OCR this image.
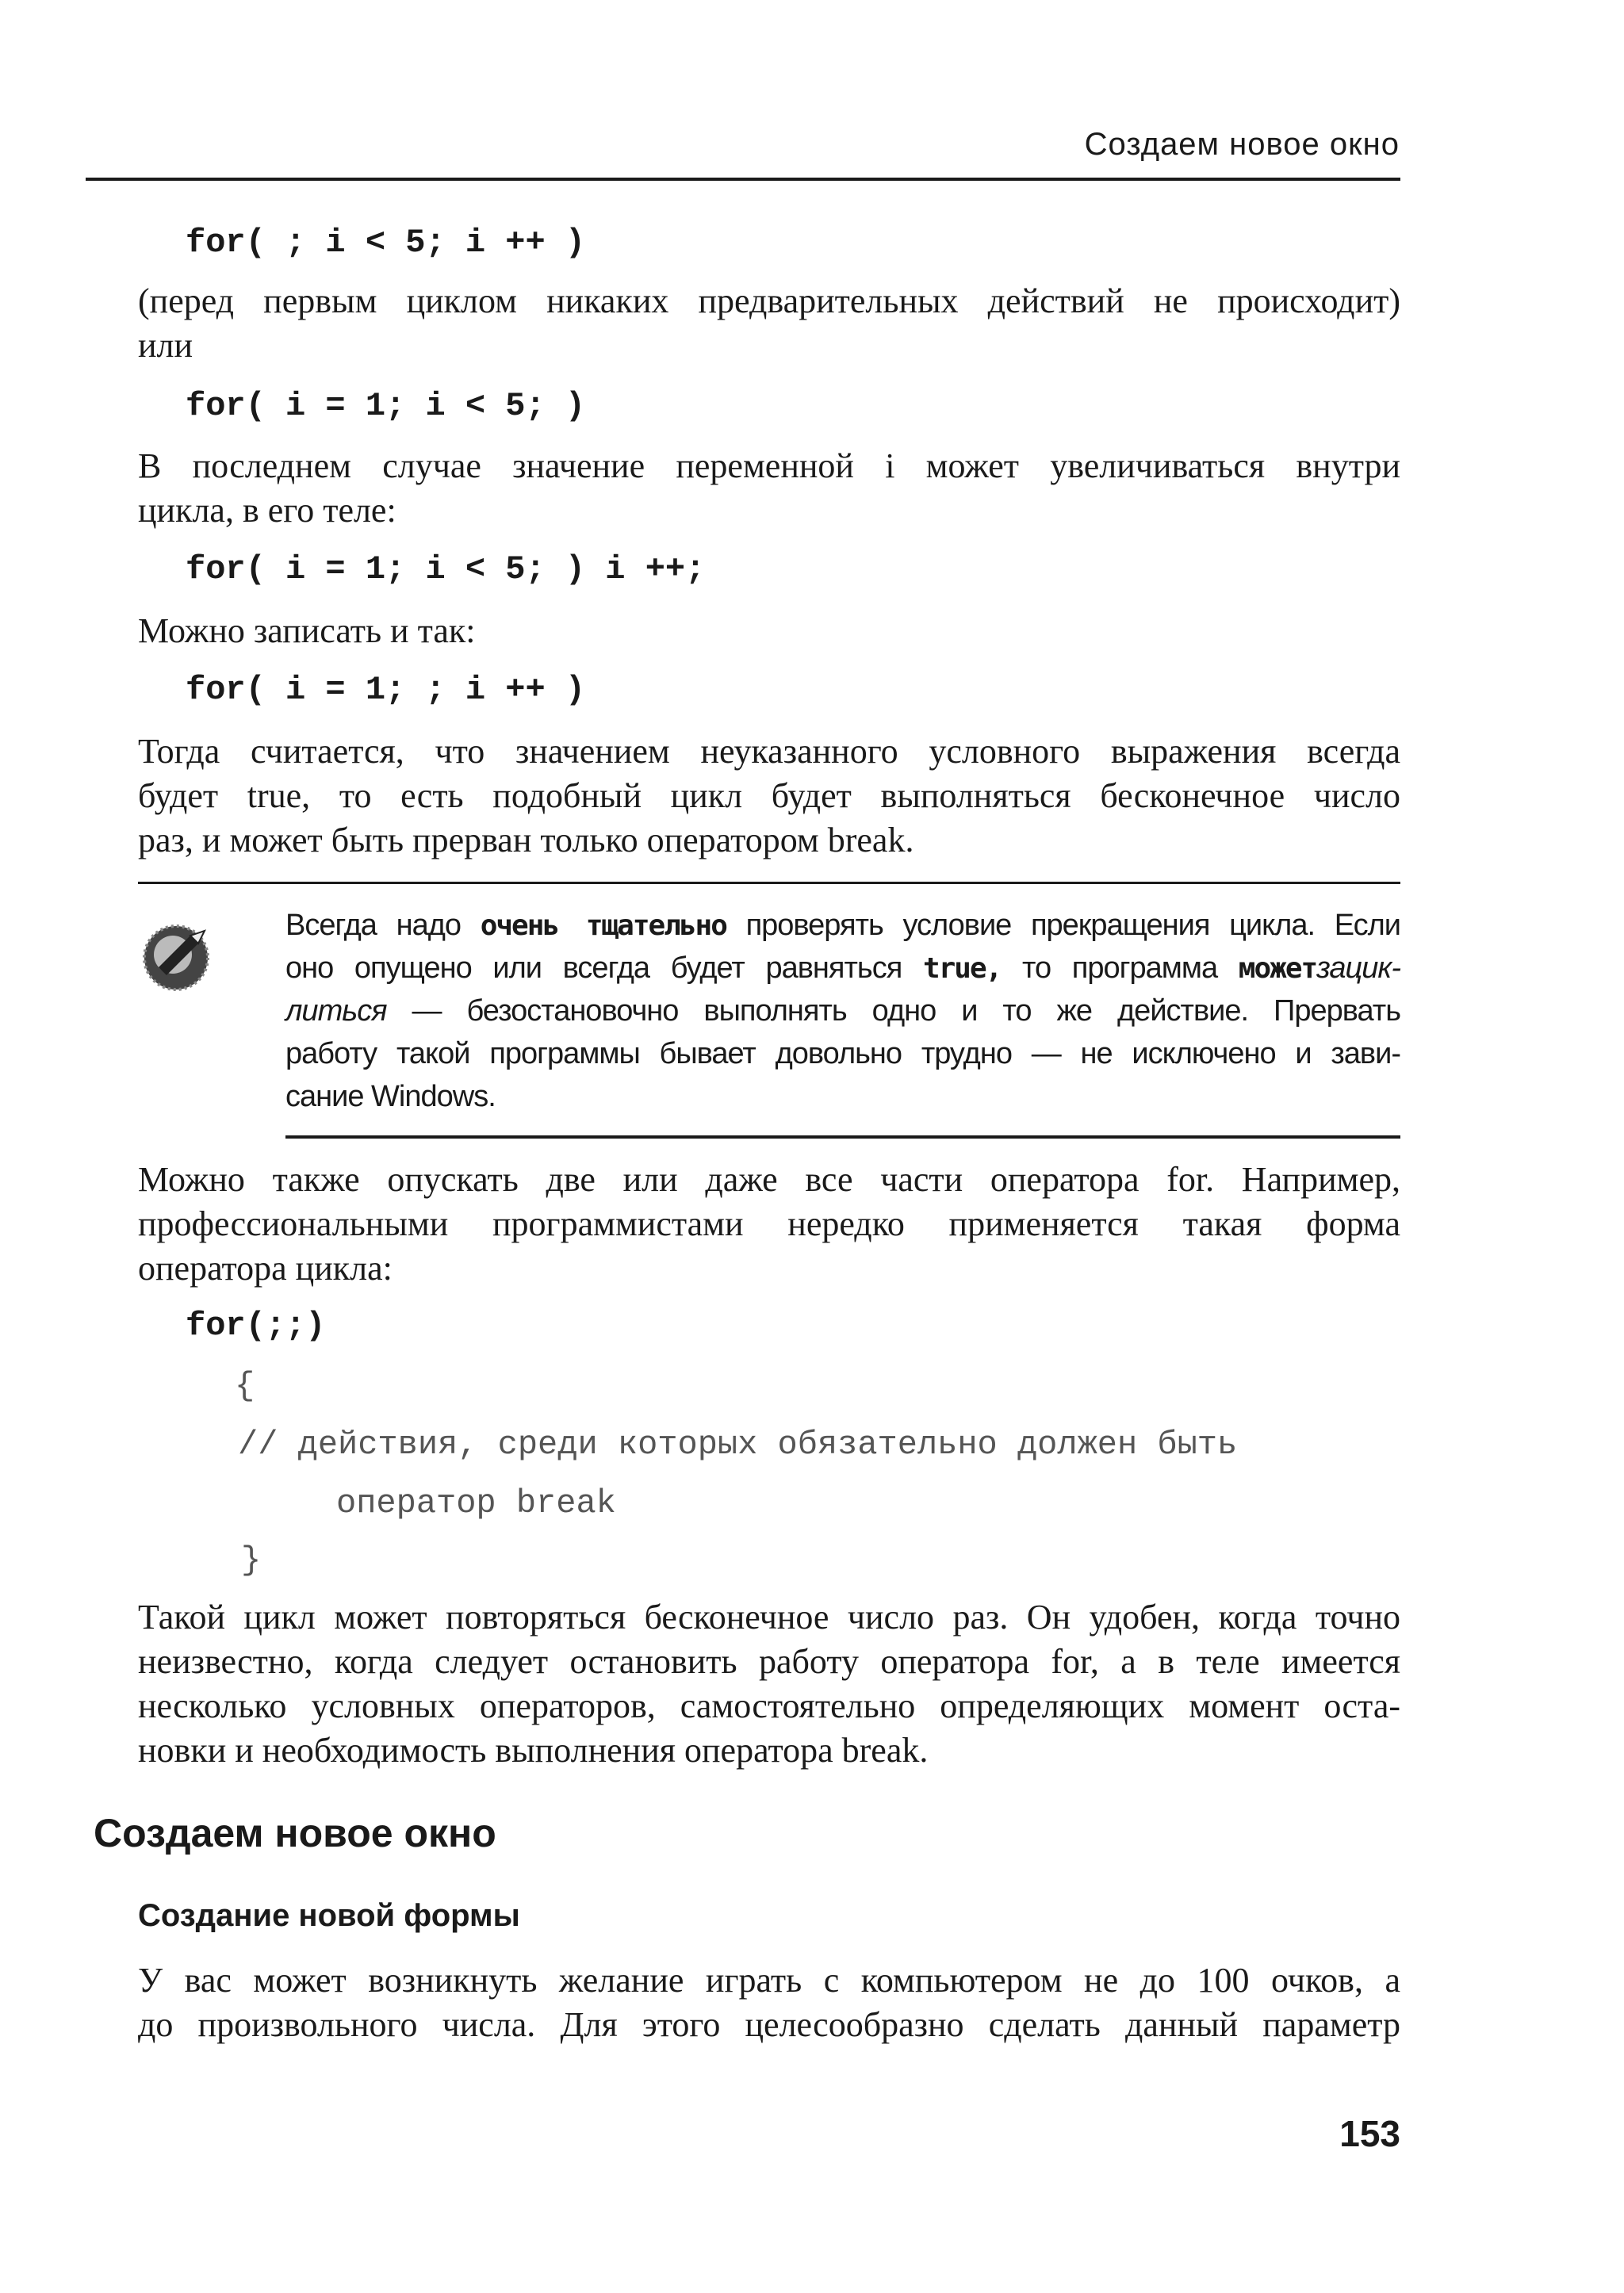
Создаем новое окно
for( ; i < 5; i ++ )
(перед первым циклом никаких предварительных действий не происходит)
или
for( i = 1; i < 5; )
В последнем случае значение переменной i может увеличиваться внутри
цикла, в его теле:
for( i = 1; i < 5; ) i ++;
Можно записать и так:
for( i = 1; ; i ++ )
Тогда считается, что значением неуказанного условного выражения всегда
будет true, то есть подобный цикл будет выполняться бесконечное число
раз, и может быть прерван только оператором break.
Всегда надо очень тщательно проверять условие прекращения цикла. Если
оно опущено или всегда будет равняться true, то программа можетзацик-
литься — безостановочно выполнять одно и то же действие. Прервать
работу такой программы бывает довольно трудно — не исключено и зави-
сание Windows.
Можно также опускать две или даже все части оператора for. Например,
профессиональными программистами нередко применяется такая форма
оператора цикла:
for(;;)
{
// действия, среди которых обязательно должен быть
оператор break
}
Такой цикл может повторяться бесконечное число раз. Он удобен, когда точно
неизвестно, когда следует остановить работу оператора for, а в теле имеется
несколько условных операторов, самостоятельно определяющих момент оста-
новки и необходимость выполнения оператора break.
Создаем новое окно
Создание новой формы
У вас может возникнуть желание играть с компьютером не до 100 очков, а
до произвольного числа. Для этого целесообразно сделать данный параметр
153
